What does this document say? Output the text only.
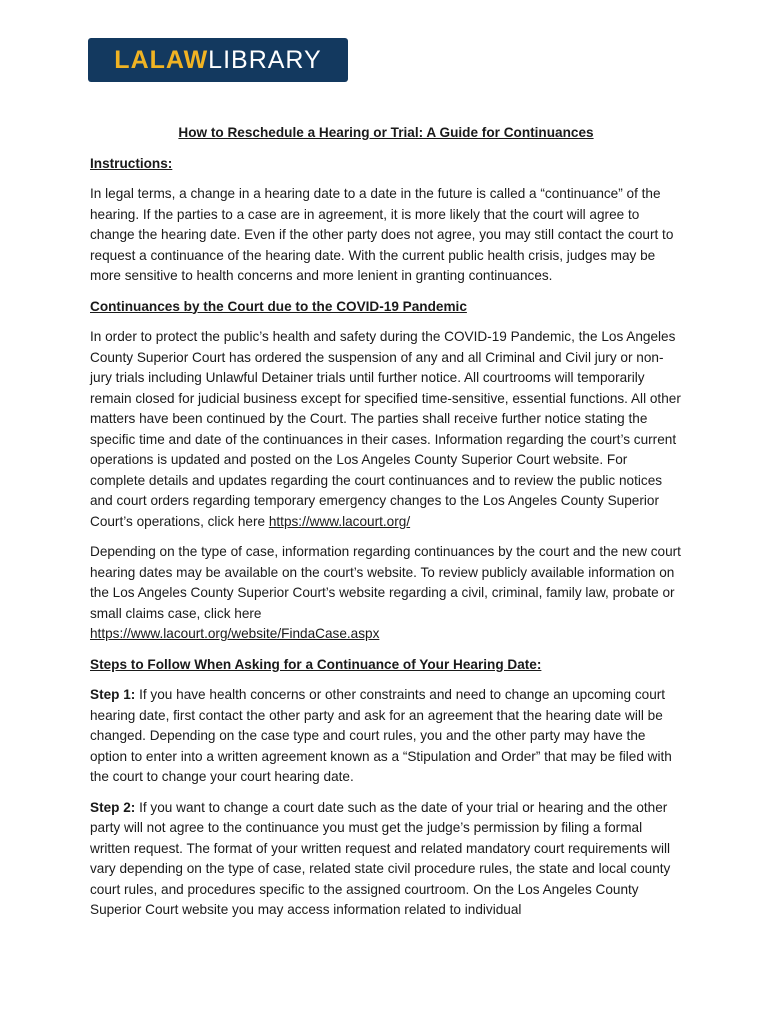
LALAW LIBRARY

How to Reschedule a Hearing or Trial: A Guide for Continuances

Instructions:

In legal terms, a change in a hearing date to a date in the future is called a “continuance” of the hearing. If the parties to a case are in agreement, it is more likely that the court will agree to change the hearing date. Even if the other party does not agree, you may still contact the court to request a continuance of the hearing date. With the current public health crisis, judges may be more sensitive to health concerns and more lenient in granting continuances.

Continuances by the Court due to the COVID-19 Pandemic

In order to protect the public’s health and safety during the COVID-19 Pandemic, the Los Angeles County Superior Court has ordered the suspension of any and all Criminal and Civil jury or non-jury trials including Unlawful Detainer trials until further notice. All courtrooms will temporarily remain closed for judicial business except for specified time-sensitive, essential functions. All other matters have been continued by the Court. The parties shall receive further notice stating the specific time and date of the continuances in their cases. Information regarding the court’s current operations is updated and posted on the Los Angeles County Superior Court website. For complete details and updates regarding the court continuances and to review the public notices and court orders regarding temporary emergency changes to the Los Angeles County Superior Court’s operations, click here https://www.lacourt.org/

Depending on the type of case, information regarding continuances by the court and the new court hearing dates may be available on the court’s website. To review publicly available information on the Los Angeles County Superior Court’s website regarding a civil, criminal, family law, probate or small claims case, click here
https://www.lacourt.org/website/FindaCase.aspx

Steps to Follow When Asking for a Continuance of Your Hearing Date:

Step 1: If you have health concerns or other constraints and need to change an upcoming court hearing date, first contact the other party and ask for an agreement that the hearing date will be changed. Depending on the case type and court rules, you and the other party may have the option to enter into a written agreement known as a “Stipulation and Order” that may be filed with the court to change your court hearing date.

Step 2: If you want to change a court date such as the date of your trial or hearing and the other party will not agree to the continuance you must get the judge’s permission by filing a formal written request. The format of your written request and related mandatory court requirements will vary depending on the type of case, related state civil procedure rules, the state and local county court rules, and procedures specific to the assigned courtroom. On the Los Angeles County Superior Court website you may access information related to individual
